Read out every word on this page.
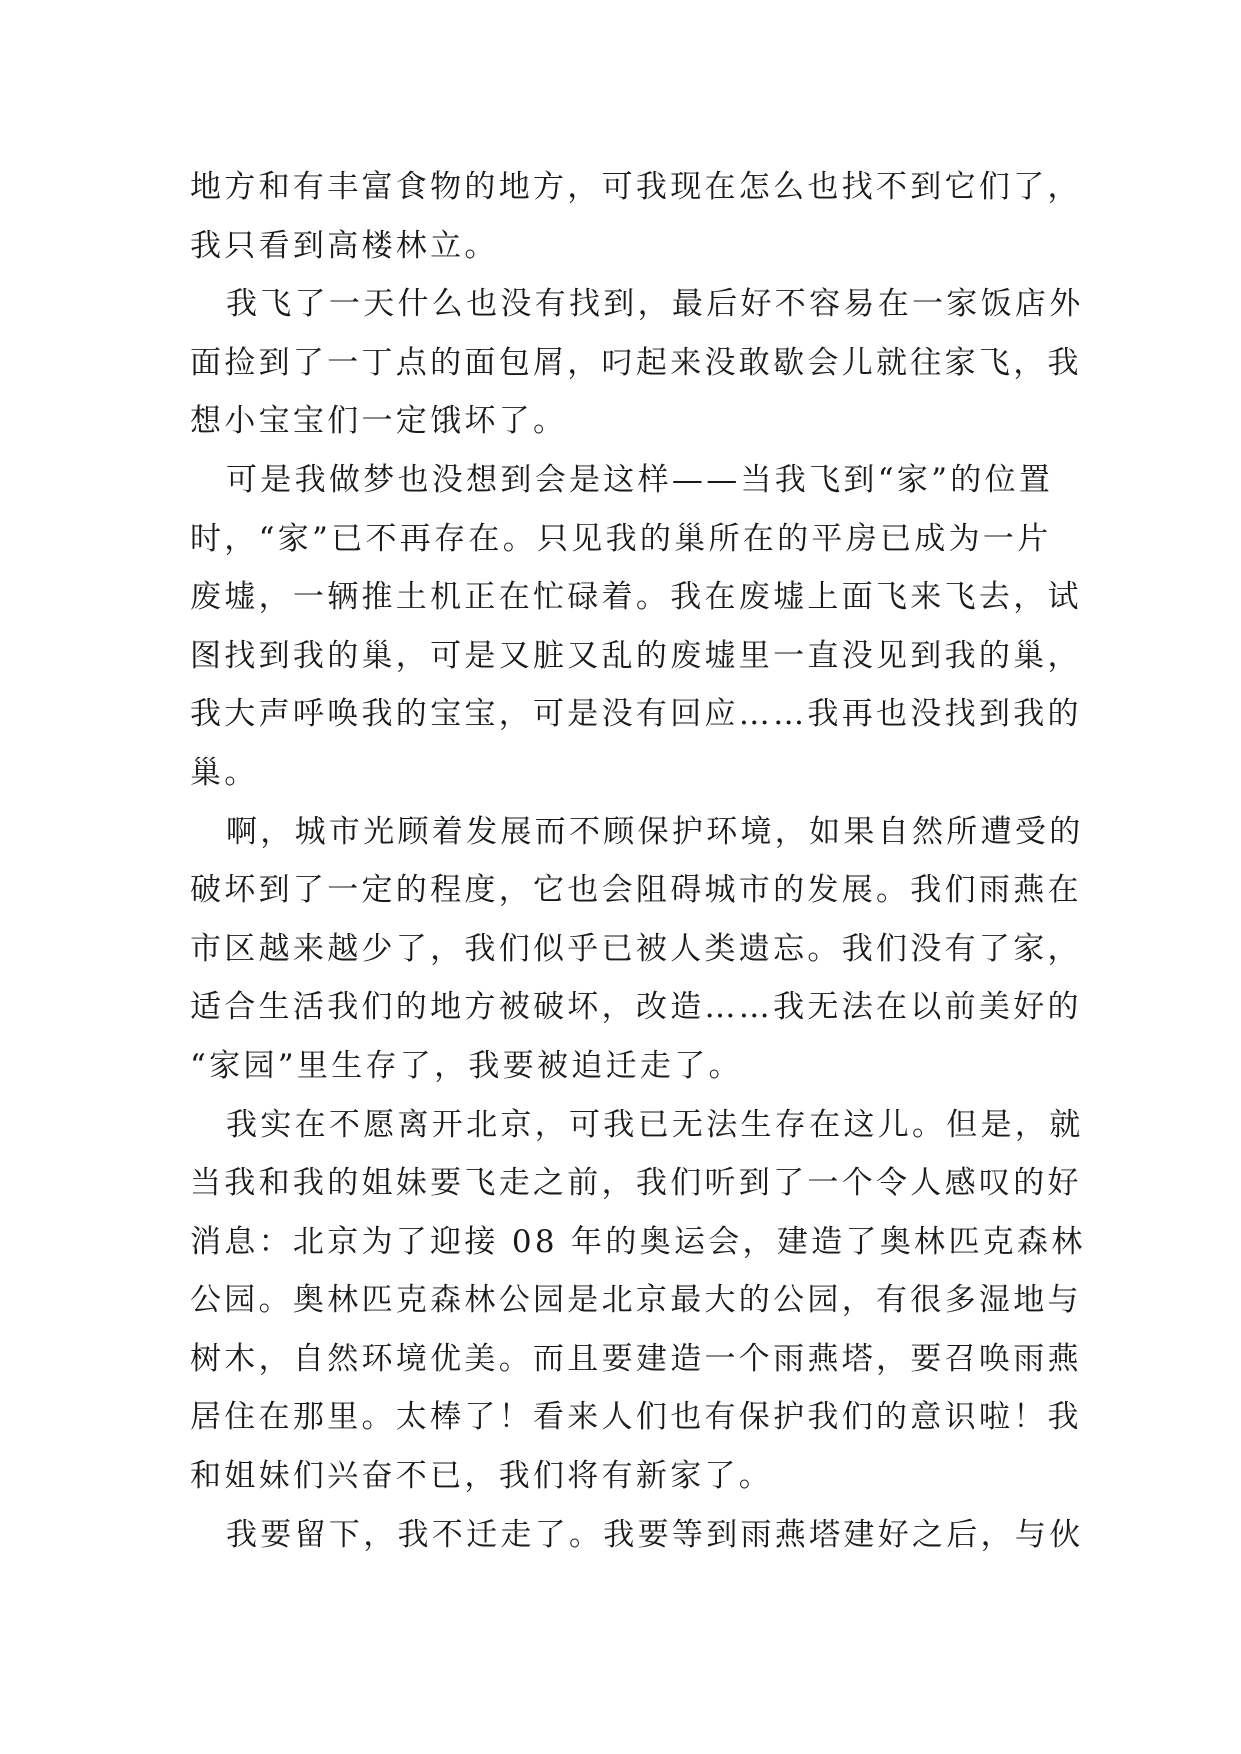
地方和有丰富食物的地方，可我现在怎么也找不到它们了，
我只看到高楼林立。
我飞了一天什么也没有找到，最后好不容易在一家饭店外
面捡到了一丁点的面包屑，叼起来没敢歇会儿就往家飞，我
想小宝宝们一定饿坏了。
可是我做梦也没想到会是这样——当我飞到“家”的位置
时，“家”已不再存在。只见我的巢所在的平房已成为一片
废墟，一辆推土机正在忙碌着。我在废墟上面飞来飞去，试
图找到我的巢，可是又脏又乱的废墟里一直没见到我的巢，
我大声呼唤我的宝宝，可是没有回应……我再也没找到我的
巢。
啊，城市光顾着发展而不顾保护环境，如果自然所遭受的
破坏到了一定的程度，它也会阻碍城市的发展。我们雨燕在
市区越来越少了，我们似乎已被人类遗忘。我们没有了家，
适合生活我们的地方被破坏，改造……我无法在以前美好的
“家园”里生存了，我要被迫迁走了。
我实在不愿离开北京，可我已无法生存在这儿。但是，就
当我和我的姐妹要飞走之前，我们听到了一个令人感叹的好
消息：北京为了迎接 08 年的奥运会，建造了奥林匹克森林
公园。奥林匹克森林公园是北京最大的公园，有很多湿地与
树木，自然环境优美。而且要建造一个雨燕塔，要召唤雨燕
居住在那里。太棒了！看来人们也有保护我们的意识啦！我
和姐妹们兴奋不已，我们将有新家了。
我要留下，我不迁走了。我要等到雨燕塔建好之后，与伙
